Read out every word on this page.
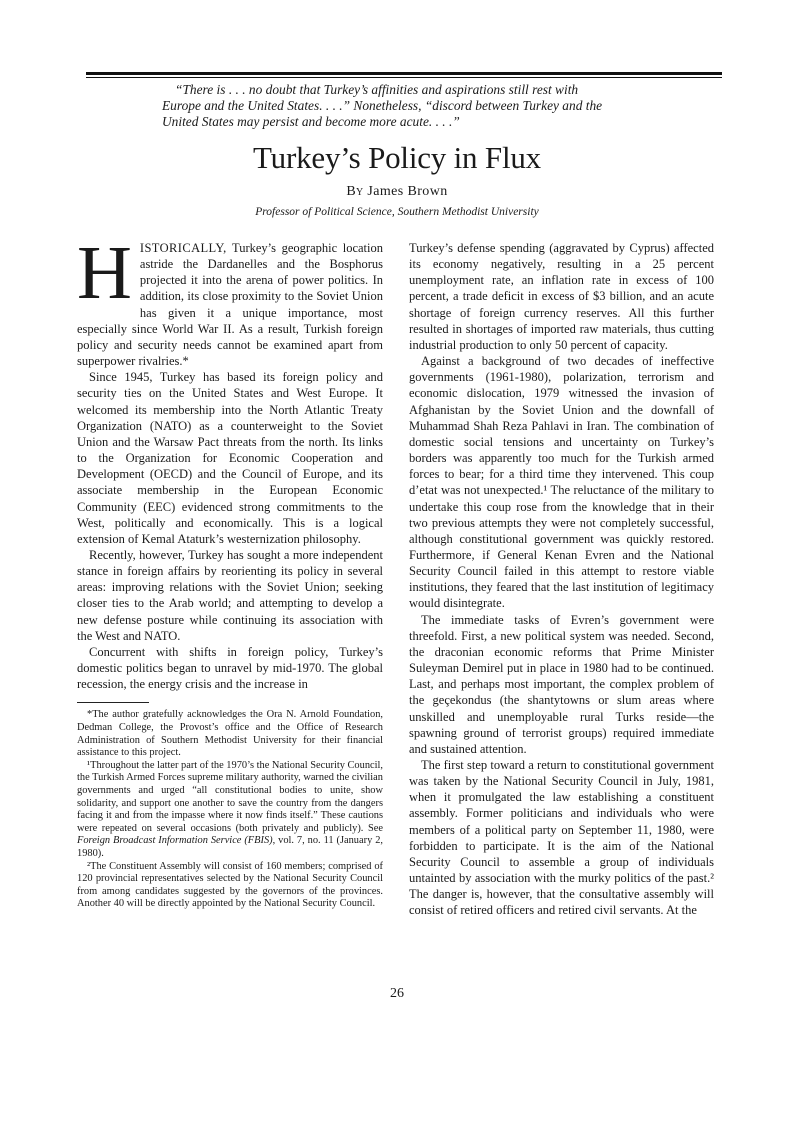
“There is . . . no doubt that Turkey’s affinities and aspirations still rest with
Europe and the United States. . . .” Nonetheless, “discord between Turkey and the
United States may persist and become more acute. . . .”
Turkey’s Policy in Flux
By James Brown
Professor of Political Science, Southern Methodist University

HISTORICALLY, Turkey’s geographic location astride the Dardanelles and the Bosphorus projected it into the arena of power politics. In addition, its close proximity to the Soviet Union has given it a unique importance, most especially since World War II. As a result, Turkish foreign policy and security needs cannot be examined apart from superpower rivalries.*

Since 1945, Turkey has based its foreign policy and security ties on the United States and West Europe. It welcomed its membership into the North Atlantic Treaty Organization (NATO) as a counterweight to the Soviet Union and the Warsaw Pact threats from the north. Its links to the Organization for Economic Cooperation and Development (OECD) and the Council of Europe, and its associate membership in the European Economic Community (EEC) evidenced strong commitments to the West, politically and economically. This is a logical extension of Kemal Ataturk’s westernization philosophy.

Recently, however, Turkey has sought a more independent stance in foreign affairs by reorienting its policy in several areas: improving relations with the Soviet Union; seeking closer ties to the Arab world; and attempting to develop a new defense posture while continuing its association with the West and NATO.

Concurrent with shifts in foreign policy, Turkey’s domestic politics began to unravel by mid-1970. The global recession, the energy crisis and the increase in

*The author gratefully acknowledges the Ora N. Arnold Foundation, Dedman College, the Provost’s office and the Office of Research Administration of Southern Methodist University for their financial assistance to this project.

¹Throughout the latter part of the 1970’s the National Security Council, the Turkish Armed Forces supreme military authority, warned the civilian governments and urged “all constitutional bodies to unite, show solidarity, and support one another to save the country from the dangers facing it and from the impasse where it now finds itself.” These cautions were repeated on several occasions (both privately and publicly). See Foreign Broadcast Information Service (FBIS), vol. 7, no. 11 (January 2, 1980).

²The Constituent Assembly will consist of 160 members; comprised of 120 provincial representatives selected by the National Security Council from among candidates suggested by the governors of the provinces. Another 40 will be directly appointed by the National Security Council.

Turkey’s defense spending (aggravated by Cyprus) affected its economy negatively, resulting in a 25 percent unemployment rate, an inflation rate in excess of 100 percent, a trade deficit in excess of $3 billion, and an acute shortage of foreign currency reserves. All this further resulted in shortages of imported raw materials, thus cutting industrial production to only 50 percent of capacity.

Against a background of two decades of ineffective governments (1961-1980), polarization, terrorism and economic dislocation, 1979 witnessed the invasion of Afghanistan by the Soviet Union and the downfall of Muhammad Shah Reza Pahlavi in Iran. The combination of domestic social tensions and uncertainty on Turkey’s borders was apparently too much for the Turkish armed forces to bear; for a third time they intervened. This coup d’etat was not unexpected.¹ The reluctance of the military to undertake this coup rose from the knowledge that in their two previous attempts they were not completely successful, although constitutional government was quickly restored. Furthermore, if General Kenan Evren and the National Security Council failed in this attempt to restore viable institutions, they feared that the last institution of legitimacy would disintegrate.

The immediate tasks of Evren’s government were threefold. First, a new political system was needed. Second, the draconian economic reforms that Prime Minister Suleyman Demirel put in place in 1980 had to be continued. Last, and perhaps most important, the complex problem of the geçekondus (the shantytowns or slum areas where unskilled and unemployable rural Turks reside—the spawning ground of terrorist groups) required immediate and sustained attention.

The first step toward a return to constitutional government was taken by the National Security Council in July, 1981, when it promulgated the law establishing a constituent assembly. Former politicians and individuals who were members of a political party on September 11, 1980, were forbidden to participate. It is the aim of the National Security Council to assemble a group of individuals untainted by association with the murky politics of the past.² The danger is, however, that the consultative assembly will consist of retired officers and retired civil servants. At the

26
